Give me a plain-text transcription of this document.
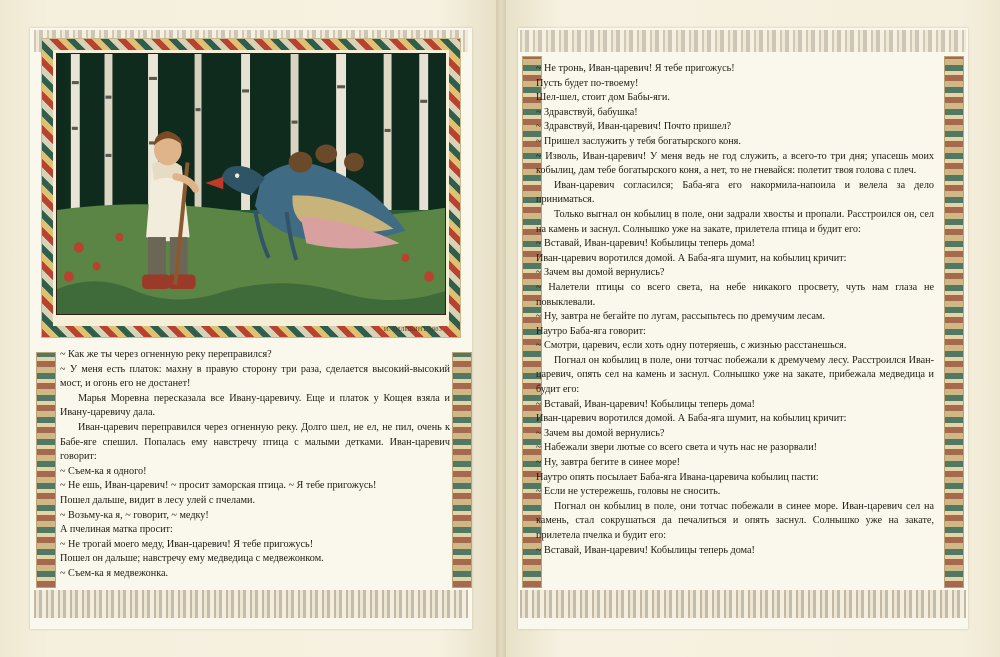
И. БИЛИБИНЪ 1903

~ Как же ты через огненную реку переправился?

~ У меня есть платок: махну в правую сторону три раза, сделается высокий-высокий мост, и огонь его не достанет!

Марья Моревна пересказала все Ивану-царевичу. Еще и платок у Кощея взяла и Ивану-царевичу дала.

Иван-царевич переправился через огненную реку. Долго шел, не ел, не пил, очень к Бабе-яге спешил. Попалась ему навстречу птица с малыми детками. Иван-царевич говорит:

~ Съем-ка я одного!

~ Не ешь, Иван-царевич! ~ просит заморская птица. ~ Я тебе пригожусь!

Пошел дальше, видит в лесу улей с пчелами.

~ Возьму-ка я, ~ говорит, ~ медку!

А пчелиная матка просит:

~ Не трогай моего меду, Иван-царевич! Я тебе пригожусь!

Пошел он дальше; навстречу ему медведица с медвежонком.

~ Съем-ка я медвежонка.

~ Не тронь, Иван-царевич! Я тебе пригожусь!

Пусть будет по-твоему!

Шел-шел, стоит дом Бабы-яги.

~ Здравствуй, бабушка!

~ Здравствуй, Иван-царевич! Почто пришел?

~ Пришел заслужить у тебя богатырского коня.

~ Изволь, Иван-царевич! У меня ведь не год служить, а всего-то три дня; упасешь моих кобылиц, дам тебе богатырского коня, а нет, то не гневайся: полетит твоя голова с плеч.

Иван-царевич согласился; Баба-яга его накормила-напоила и велела за дело приниматься.

Только выгнал он кобылиц в поле, они задрали хвосты и пропали. Расстроился он, сел на камень и заснул. Солнышко уже на закате, прилетела птица и будит его:

~ Вставай, Иван-царевич! Кобылицы теперь дома!

Иван-царевич воротился домой. А Баба-яга шумит, на кобылиц кричит:

~ Зачем вы домой вернулись?

~ Налетели птицы со всего света, на небе никакого просвету, чуть нам глаза не повыклевали.

~ Ну, завтра не бегайте по лугам, рассыпьтесь по дремучим лесам.

Наутро Баба-яга говорит:

~ Смотри, царевич, если хоть одну потеряешь, с жизнью расстанешься.

Погнал он кобылиц в поле, они тотчас побежали к дремучему лесу. Расстроился Иван-царевич, опять сел на камень и заснул. Солнышко уже на закате, прибежала медведица и будит его:

~ Вставай, Иван-царевич! Кобылицы теперь дома!

Иван-царевич воротился домой. А Баба-яга шумит, на кобылиц кричит:

~ Зачем вы домой вернулись?

~ Набежали звери лютые со всего света и чуть нас не разорвали!

~ Ну, завтра бегите в синее море!

Наутро опять посылает Баба-яга Ивана-царевича кобылиц пасти:

~ Если не устережешь, головы не сносить.

Погнал он кобылиц в поле, они тотчас побежали в синее море. Иван-царевич сел на камень, стал сокрушаться да печалиться и опять заснул. Солнышко уже на закате, прилетела пчелка и будит его:

~ Вставай, Иван-царевич! Кобылицы теперь дома!
